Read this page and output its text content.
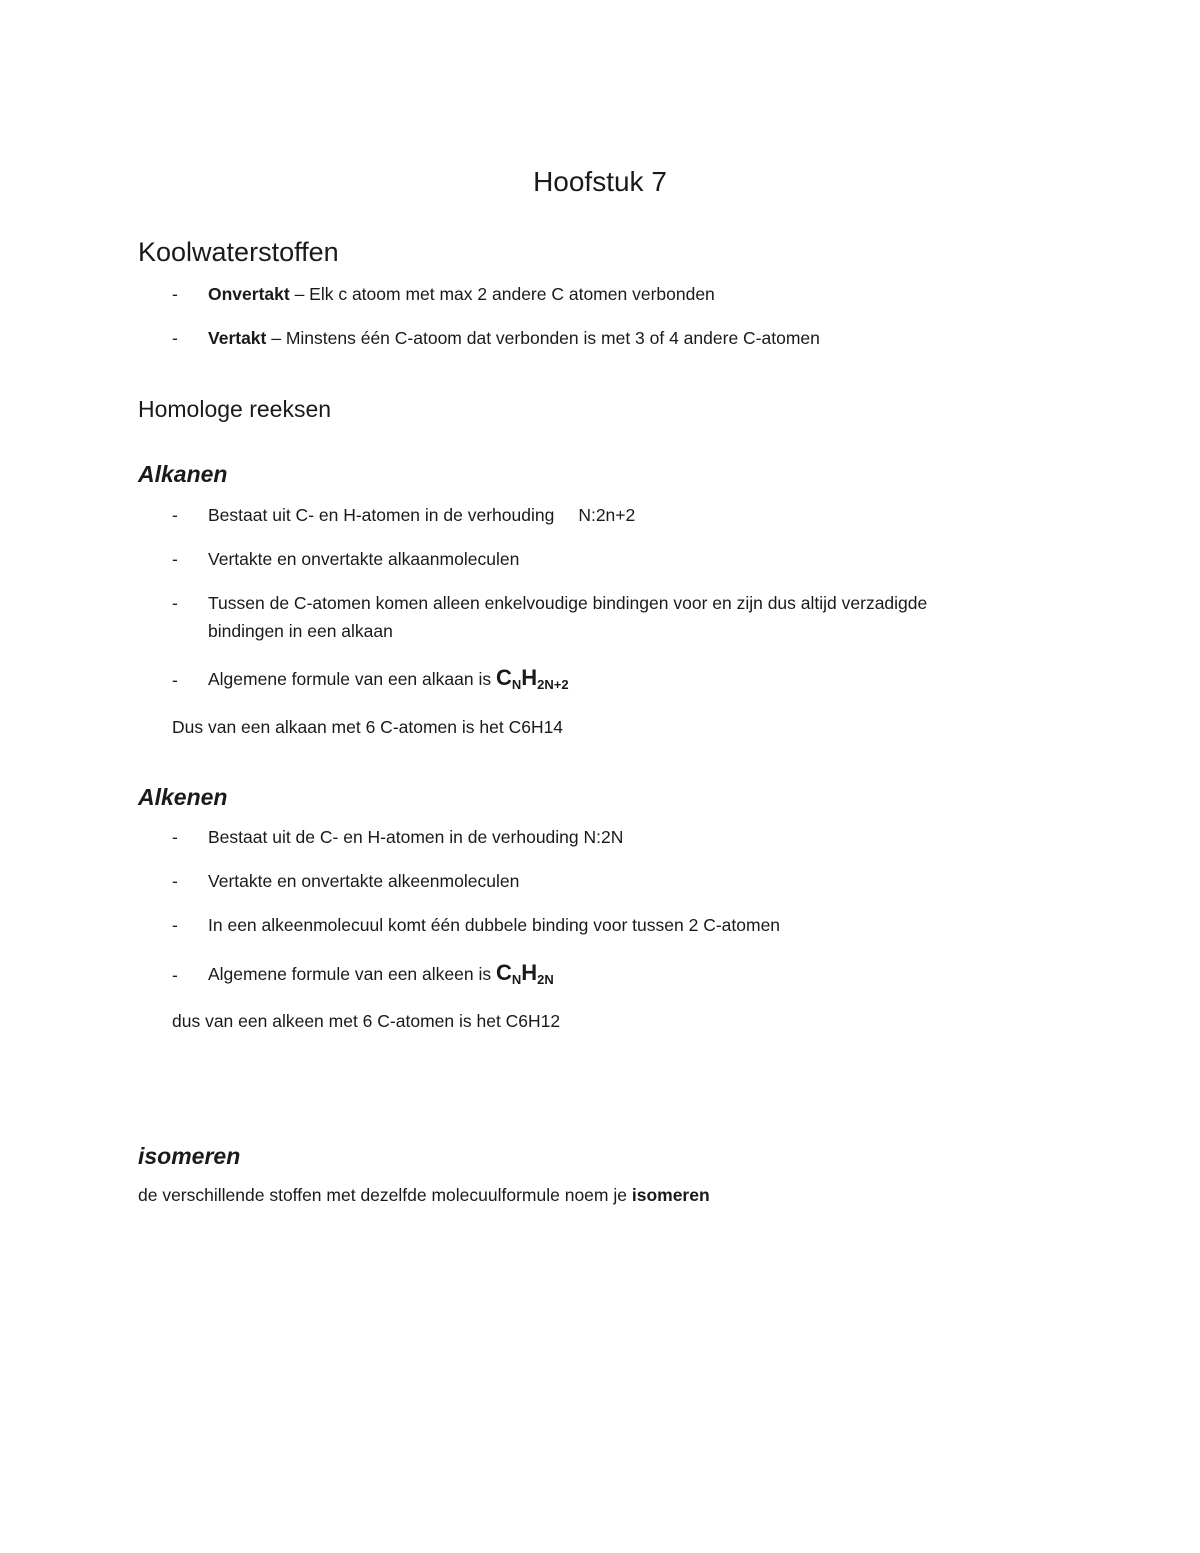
Hoofstuk 7
Koolwaterstoffen
- Onvertakt – Elk c atoom met max 2 andere C atomen verbonden
- Vertakt – Minstens één C-atoom dat verbonden is met 3 of 4 andere C-atomen
Homologe reeksen
Alkanen
- Bestaat uit C- en H-atomen in de verhouding N:2n+2
- Vertakte en onvertakte alkaanmoleculen
- Tussen de C-atomen komen alleen enkelvoudige bindingen voor en zijn dus altijd verzadigde
bindingen in een alkaan
- Algemene formule van een alkaan is $C_NH_{2N+2}$
Dus van een alkaan met 6 C-atomen is het C6H14
Alkenen
- Bestaat uit de C- en H-atomen in de verhouding N:2N
- Vertakte en onvertakte alkeenmoleculen
- In een alkeenmolecuul komt één dubbele binding voor tussen 2 C-atomen
- Algemene formule van een alkeen is $C_NH_{2N}$
dus van een alkeen met 6 C-atomen is het C6H12
isomeren
de verschillende stoffen met dezelfde molecuulformule noem je isomeren
